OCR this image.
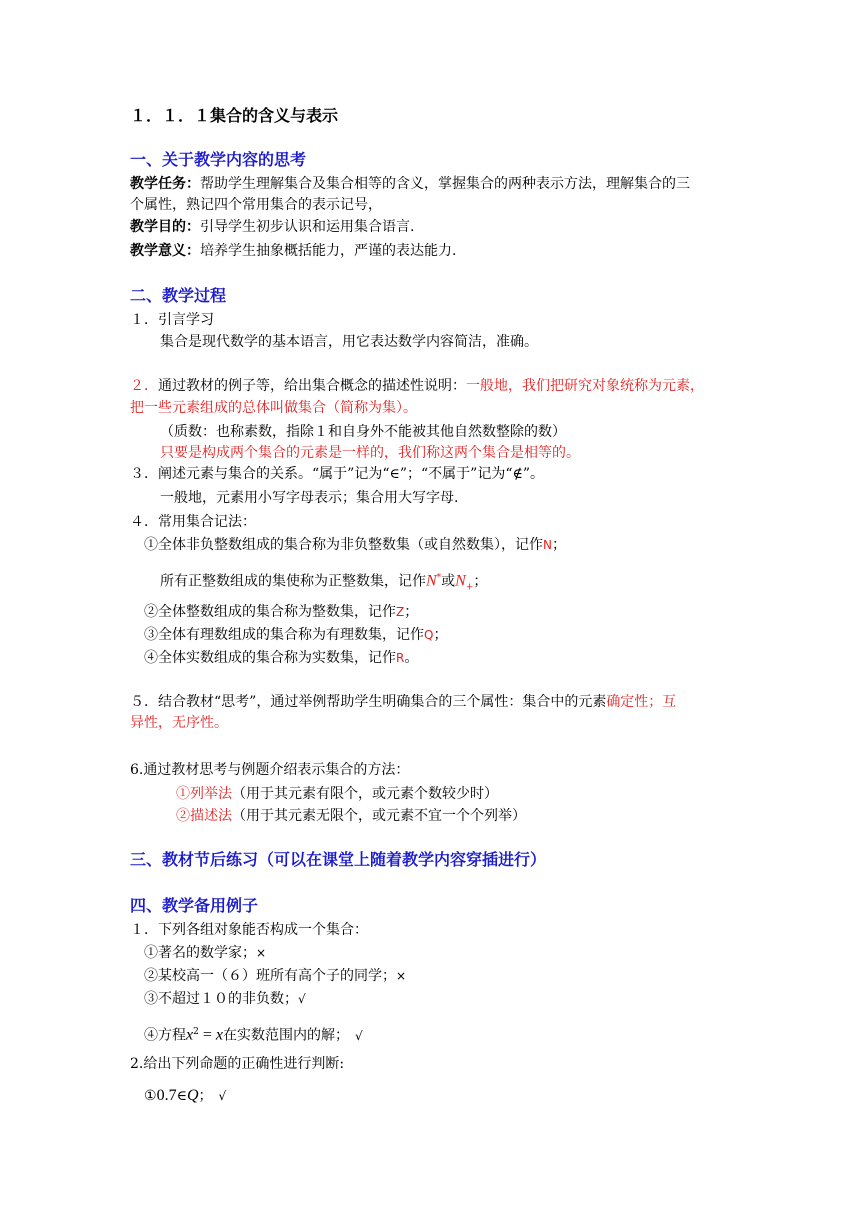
１．１．１集合的含义与表示
一、关于教学内容的思考
教学任务：帮助学生理解集合及集合相等的含义，掌握集合的两种表示方法，理解集合的三
个属性，熟记四个常用集合的表示记号，
教学目的：引导学生初步认识和运用集合语言.
教学意义：培养学生抽象概括能力，严谨的表达能力.
二、教学过程
１．引言学习
集合是现代数学的基本语言，用它表达数学内容简洁，准确。
２．通过教材的例子等，给出集合概念的描述性说明：一般地，我们把研究对象统称为元素，
把一些元素组成的总体叫做集合（简称为集）。
（质数：也称素数，指除１和自身外不能被其他自然数整除的数）
只要是构成两个集合的元素是一样的，我们称这两个集合是相等的。
３．阐述元素与集合的关系。“属于”记为“∈”；“不属于”记为“∉”。
一般地，元素用小写字母表示；集合用大写字母.
４．常用集合记法：
①全体非负整数组成的集合称为非负整数集（或自然数集），记作N；
所有正整数组成的集使称为正整数集，记作N*或$N_+$；
②全体整数组成的集合称为整数集，记作Z；
③全体有理数组成的集合称为有理数集，记作Q；
④全体实数组成的集合称为实数集，记作R。
５．结合教材“思考”，通过举例帮助学生明确集合的三个属性：集合中的元素确定性；互
异性，无序性。
6.通过教材思考与例题介绍表示集合的方法：
①列举法（用于其元素有限个，或元素个数较少时）
②描述法（用于其元素无限个，或元素不宜一个个列举）
三、教材节后练习（可以在课堂上随着教学内容穿插进行）
四、教学备用例子
１．下列各组对象能否构成一个集合：
①著名的数学家；×
②某校高一（６）班所有高个子的同学；×
③不超过１０的非负数；√
④方程$x^2 = x$在实数范围内的解； √
2.给出下列命题的正确性进行判断:
①0.7∈Q； √
